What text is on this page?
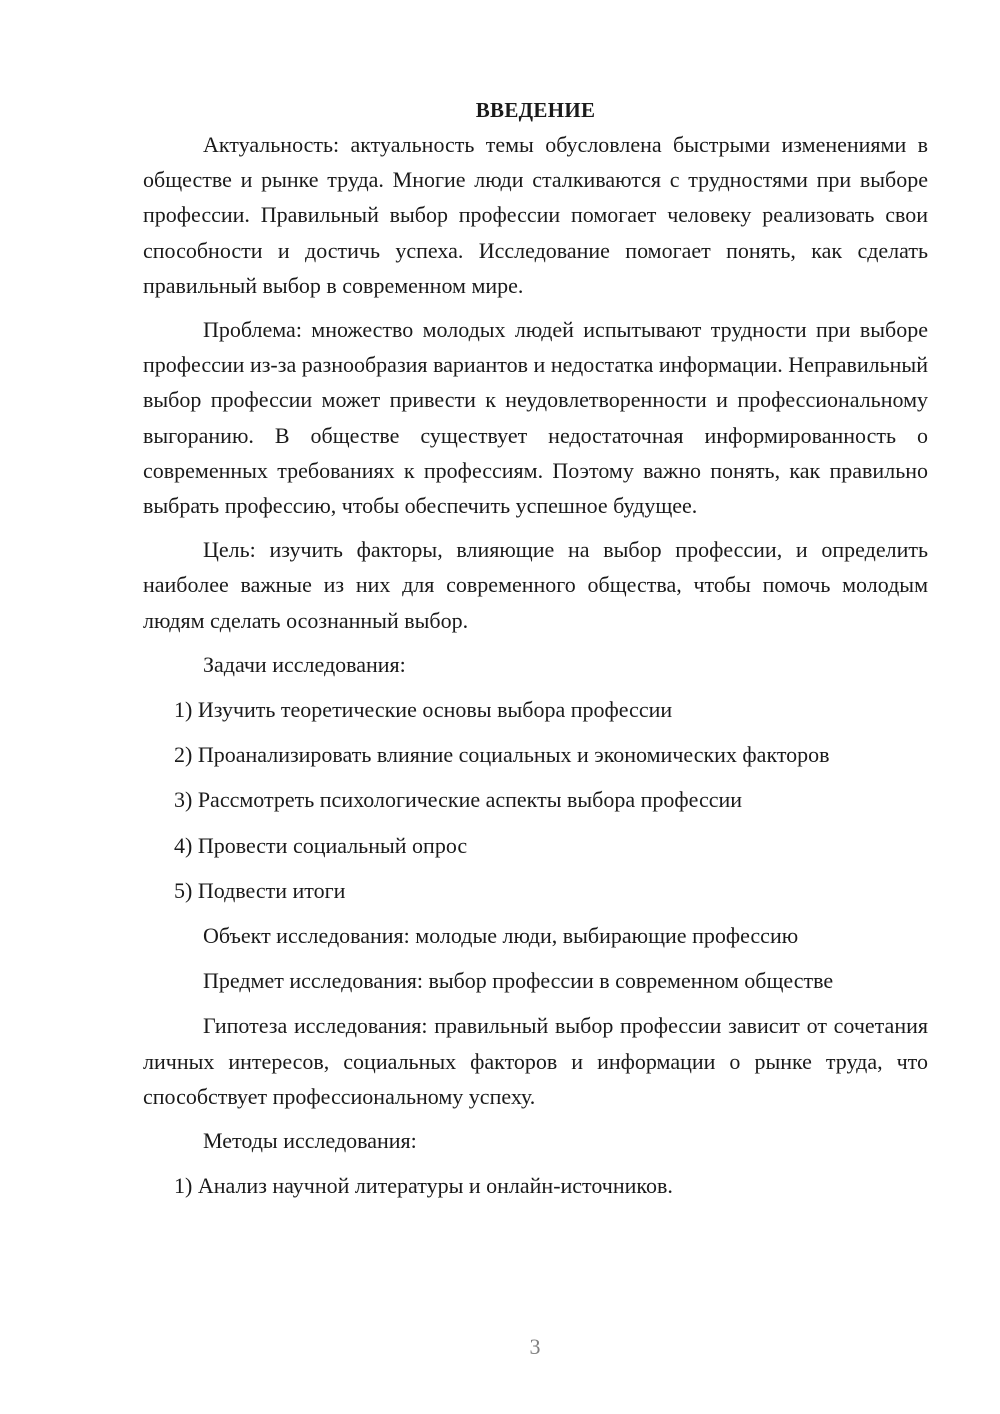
ВВЕДЕНИЕ

Актуальность: актуальность темы обусловлена быстрыми изменениями в обществе и рынке труда. Многие люди сталкиваются с трудностями при выборе профессии. Правильный выбор профессии помогает человеку реализовать свои способности и достичь успеха. Исследование помогает понять, как сделать правильный выбор в современном мире.

Проблема: множество молодых людей испытывают трудности при выборе профессии из-за разнообразия вариантов и недостатка информации. Неправильный выбор профессии может привести к неудовлетворенности и профессиональному выгоранию. В обществе существует недостаточная информированность о современных требованиях к профессиям. Поэтому важно понять, как правильно выбрать профессию, чтобы обеспечить успешное будущее.

Цель: изучить факторы, влияющие на выбор профессии, и определить наиболее важные из них для современного общества, чтобы помочь молодым людям сделать осознанный выбор.

Задачи исследования:

1) Изучить теоретические основы выбора профессии

2) Проанализировать влияние социальных и экономических факторов

3) Рассмотреть психологические аспекты выбора профессии

4) Провести социальный опрос

5) Подвести итоги

Объект исследования: молодые люди, выбирающие профессию

Предмет исследования: выбор профессии в современном обществе

Гипотеза исследования: правильный выбор профессии зависит от сочетания личных интересов, социальных факторов и информации о рынке труда, что способствует профессиональному успеху.

Методы исследования:

1) Анализ научной литературы и онлайн-источников.

3
